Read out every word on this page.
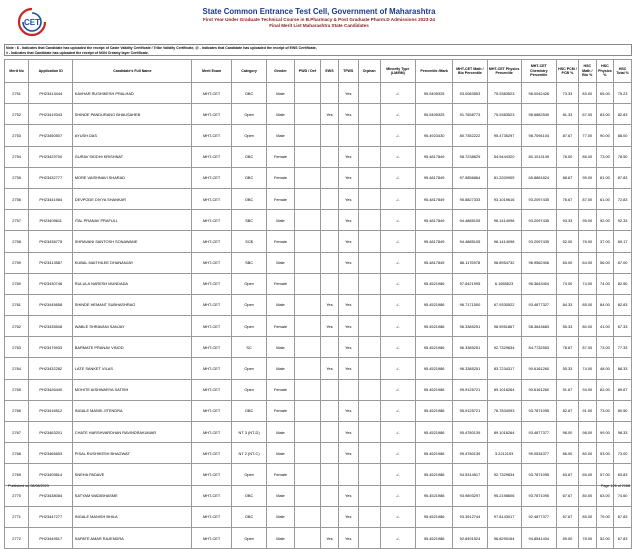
CET
State Common Entrance Test Cell, Government of Maharashtra
First Year Under Graduate Technical Course in B.Pharmacy & Post Graduate Pharm.D Admissions 2023-24
Final Merit List Maharashtra State Candidates
Note : $ - Indicates that Candidate has uploaded the receipt of Caste Validity Certificate / Tribe Validity Certificate, @ - Indicates that Candidate has uploaded the receipt of EWS Certificate,
# - Indicates that Candidate has uploaded the receipt of NON Creamy layer Certificate.
Merit No	Application ID	Candidate's Full Name	Merit Exam	Category	Gender	PWD / Def	EWS	TFWS	Orphan	Minority Type (LM/RM)	Percentile /Mark	MHT-CET Math / Bio Percentile	MHT-CET Physics Percentile	MHT-CET Chemistry Percentile	HSC PCM / PCB %	HSC Math / Bio %	HSC Physics %	HSC Total %
2751	PH23413444	KAVHAR RUSHIKESH PRALHAD	MHT-CET	OBC	Male			Yes		-/-	95.5409325	93.0083553	75.9383523	98.0042426	73.33	83.00	65.00	75.23
2752	PH23419343	SHINDE PANDURANG BHAUSAHEB	MHT-CET	Open	Male		Yes	Yes		-/-	95.5409325	91.7658773	75.9383523	98.6882549	81.33	67.00	83.00	82.83
2753	PH23450507	AYUSH DAS	MHT-CET	Open	Male					-/-	95.4923430	80.7352222	95.4735297	98.7094104	87.67	77.00	90.00	88.00
2754	PH23429700	GURAV SIDDHI KRISHNAT	MHT-CET	OBC	Female			Yes		-/-	95.4817849	98.7238629	54.9444320	80.1013149	78.00	86.00	73.00	78.50
2755	PH23432777	MORE VAISHNAVI SHARAD	MHT-CET	OBC	Female			Yes		-/-	95.4817849	97.5856864	81.2200905	65.8861824	88.67	95.00	81.00	87.83
2756	PH23441984	DEVPODE DIVYA SHANKAR	MHT-CET	OBC	Female			Yes		-/-	95.4817849	95.8827333	93.1019616	93.2097435	76.67	87.00	61.00	72.83
2757	PH23409611	ITAL PRANAV PRAFULL	MHT-CET	SBC	Male			Yes		-/-	95.4817849	94.4885105	96.1414098	93.2097435	93.33	95.00	92.00	92.33
2758	PH23438775	SHRAVANI SANTOSH SONAWANE	MHT-CET	SC$	Female			Yes		-/-	95.4817849	94.4885105	96.1414098	93.2097435	52.00	76.00	37.00	69.17
2759	PH23413587	KUBAL MAITHILEE DHANANJAY	MHT-CET	SBC	Male			Yes		-/-	95.4817849	86.1176978	98.8954732	96.9562406	63.00	64.00	56.00	67.00
2760	PH23430746	RULULA NARESH MUNDADA	MHT-CET	Open	Female					-/-	95.4521986	97.6421995	6.1655623	96.3643404	74.00	74.00	74.00	82.50
2761	PH23445658	SHINDE HEMANT SUBHASHRAO	MHT-CET	Open	Male		Yes	Yes		-/-	95.4521986	96.7171500	67.9330522	93.4877327	84.33	85.00	84.00	82.83
2762	PH23435508	WABLE SHRAVANI SANJAY	MHT-CET	Open	Female		Yes	Yes		-/-	95.4521986	96.3385251	98.5951867	58.3643683	55.33	80.00	41.00	67.33
2763	PH23479933	BARMATE PRANAV VINOD	MHT-CET	SC	Male			Yes		-/-	95.4521986	96.3385251	92.7329834	84.7732553	78.67	87.00	73.00	77.33
2764	PH23432282	LATE SANKET VILAS	MHT-CET	Open	Male		Yes	Yes		-/-	95.4521986	96.3385251	83.7234317	90.6161260	55.33	74.00	48.00	68.33
2765	PH23426440	MOHITE AISHWARYA SATISH	MHT-CET	Open	Female					-/-	95.4521986	95.9125721	89.1016264	90.6161260	91.67	94.00	82.00	89.67
2766	PH23416512	INGALE MANSI JITENDRA	MHT-CET	OBC	Female			Yes		-/-	95.4521986	95.9125721	76.7834093	93.7871095	82.67	91.00	73.00	80.50
2767	PH23463201	CHATE HARSHVARDHAN RAVINDRAKUMAR	MHT-CET	NT 3 (NT-D)	Male			Yes		-/-	95.4521986	95.4780139	89.1016264	93.4877377	98.00	98.00	99.00	98.33
2768	PH23465653	PISAL RUSHIKESH BHAGWAT	MHT-CET	NT 2 (NT-C)	Male			Yes		-/-	95.4521986	95.4780139	3.2212193	99.0534377	66.00	80.00	53.00	73.00
2769	PH23409814	SNEHA PADAVE	MHT-CET	Open	Female					-/-	95.4521986	94.5314517	92.7329834	93.7871095	63.67	65.00	57.00	63.83
2770	PH23438084	SATYAM WADIBHASME	MHT-CET	OBC	Male			Yes		-/-	95.4521986	93.9893297	95.2198606	93.7871095	67.67	80.00	63.00	74.60
2771	PH23447277	INGALE MANISH BHILA	MHT-CET	OBC	Male			Yes		-/-	95.4521986	93.3912744	97.8143017	92.4877377	67.67	85.00	79.00	67.83
2772	PH23449517	SAPATE AMAR RAJENDRA	MHT-CET	Open	Male		Yes	Yes		-/-	95.4521986	92.8491524	96.8290164	94.8541434	59.00	78.00	52.00	67.83
Published on 08/08/2023	Page 126 of 2188
